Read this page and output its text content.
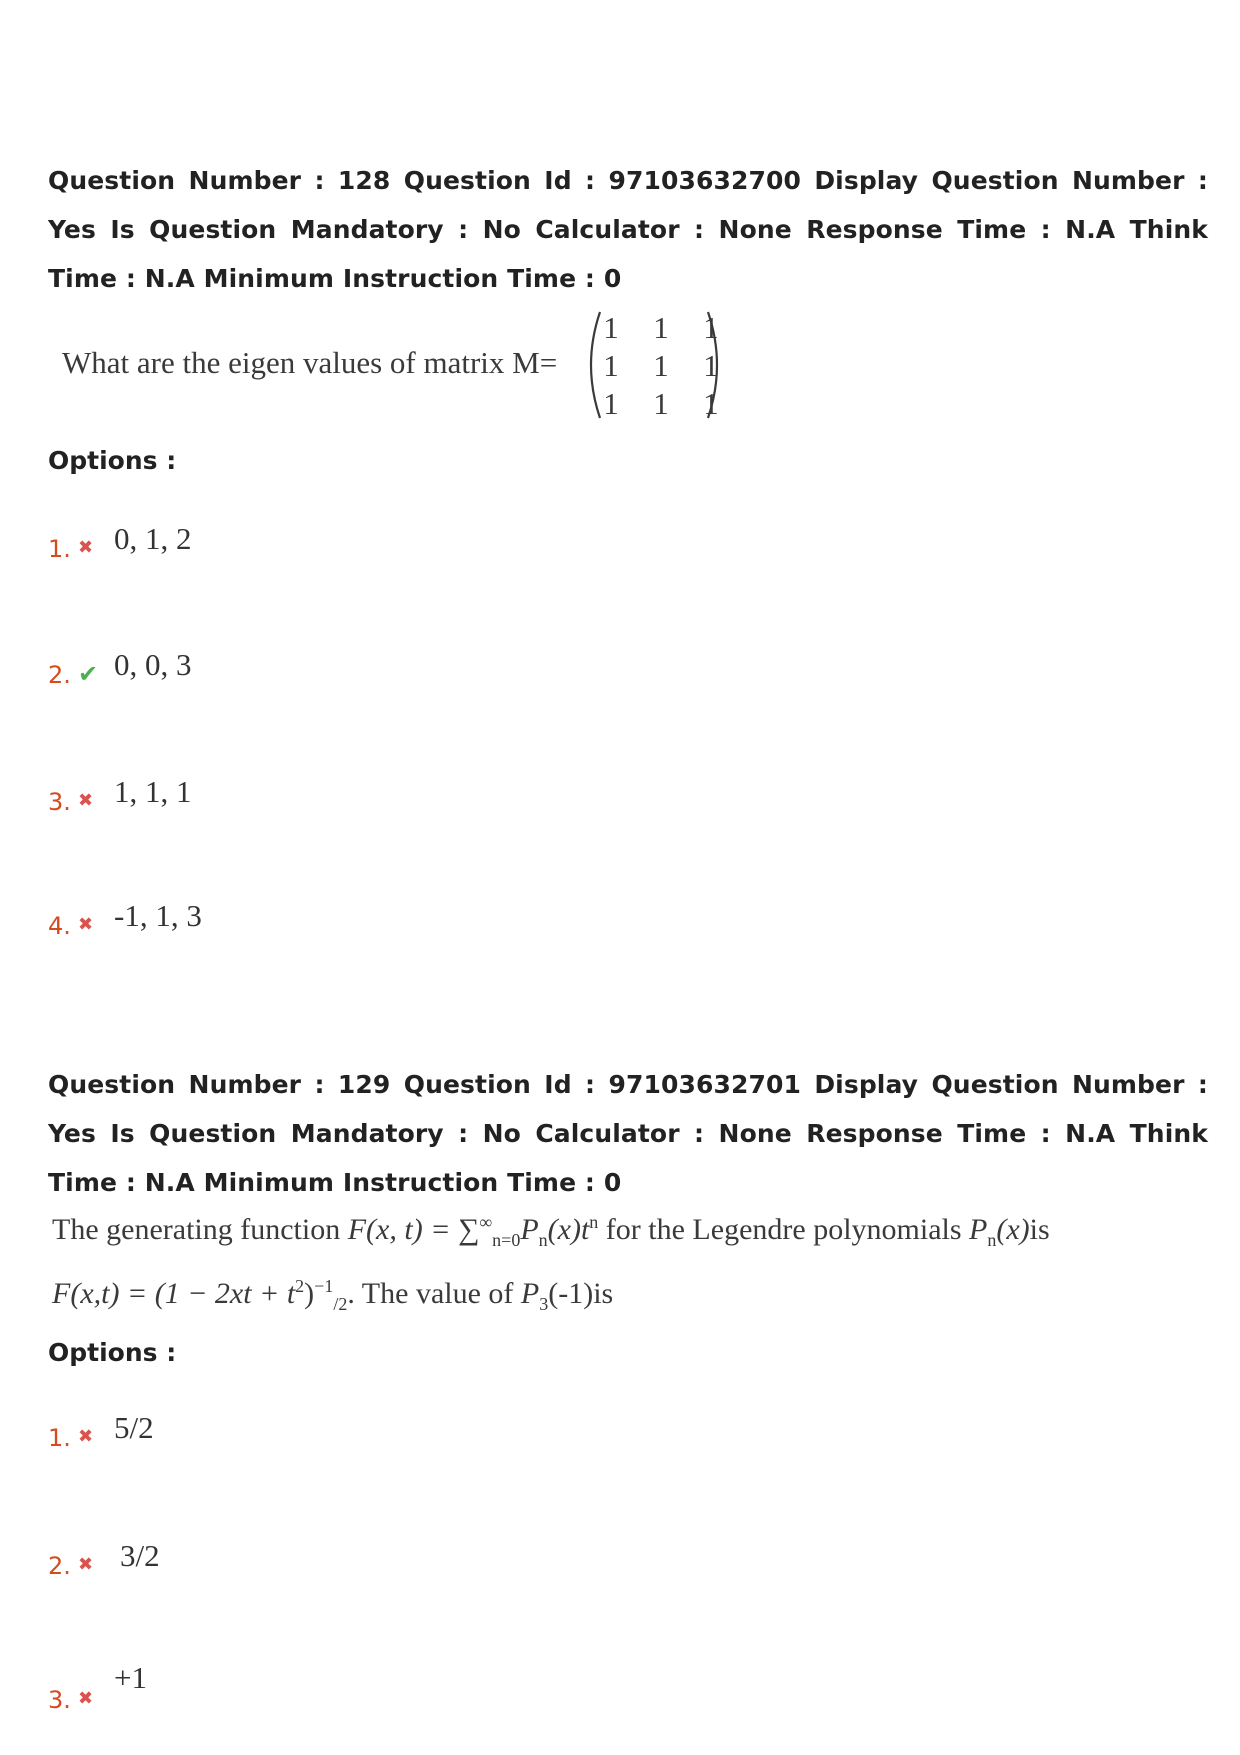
Question Number : 128 Question Id : 97103632700 Display Question Number : Yes Is Question Mandatory : No Calculator : None Response Time : N.A Think Time : N.A Minimum Instruction Time : 0

What are the eigen values of matrix M=
1 1 1
1 1 1
1 1 1

Options :

1. ✖ 0, 1, 2
2. ✔ 0, 0, 3
3. ✖ 1, 1, 1
4. ✖ -1, 1, 3

Question Number : 129 Question Id : 97103632701 Display Question Number : Yes Is Question Mandatory : No Calculator : None Response Time : N.A Think Time : N.A Minimum Instruction Time : 0

The generating function F(x, $t) = \sum^\infty_{n=0}P_n(x)t^n$ for the Legendre polynomials $P_n(x)is$
$F(x,t) = (1 - 2xt + t^2)^{-1}_{/2}$. The value of $P_3(-1)is$

Options :

1. ✖ 5/2
2. ✖ 3/2
3. ✖
+1
